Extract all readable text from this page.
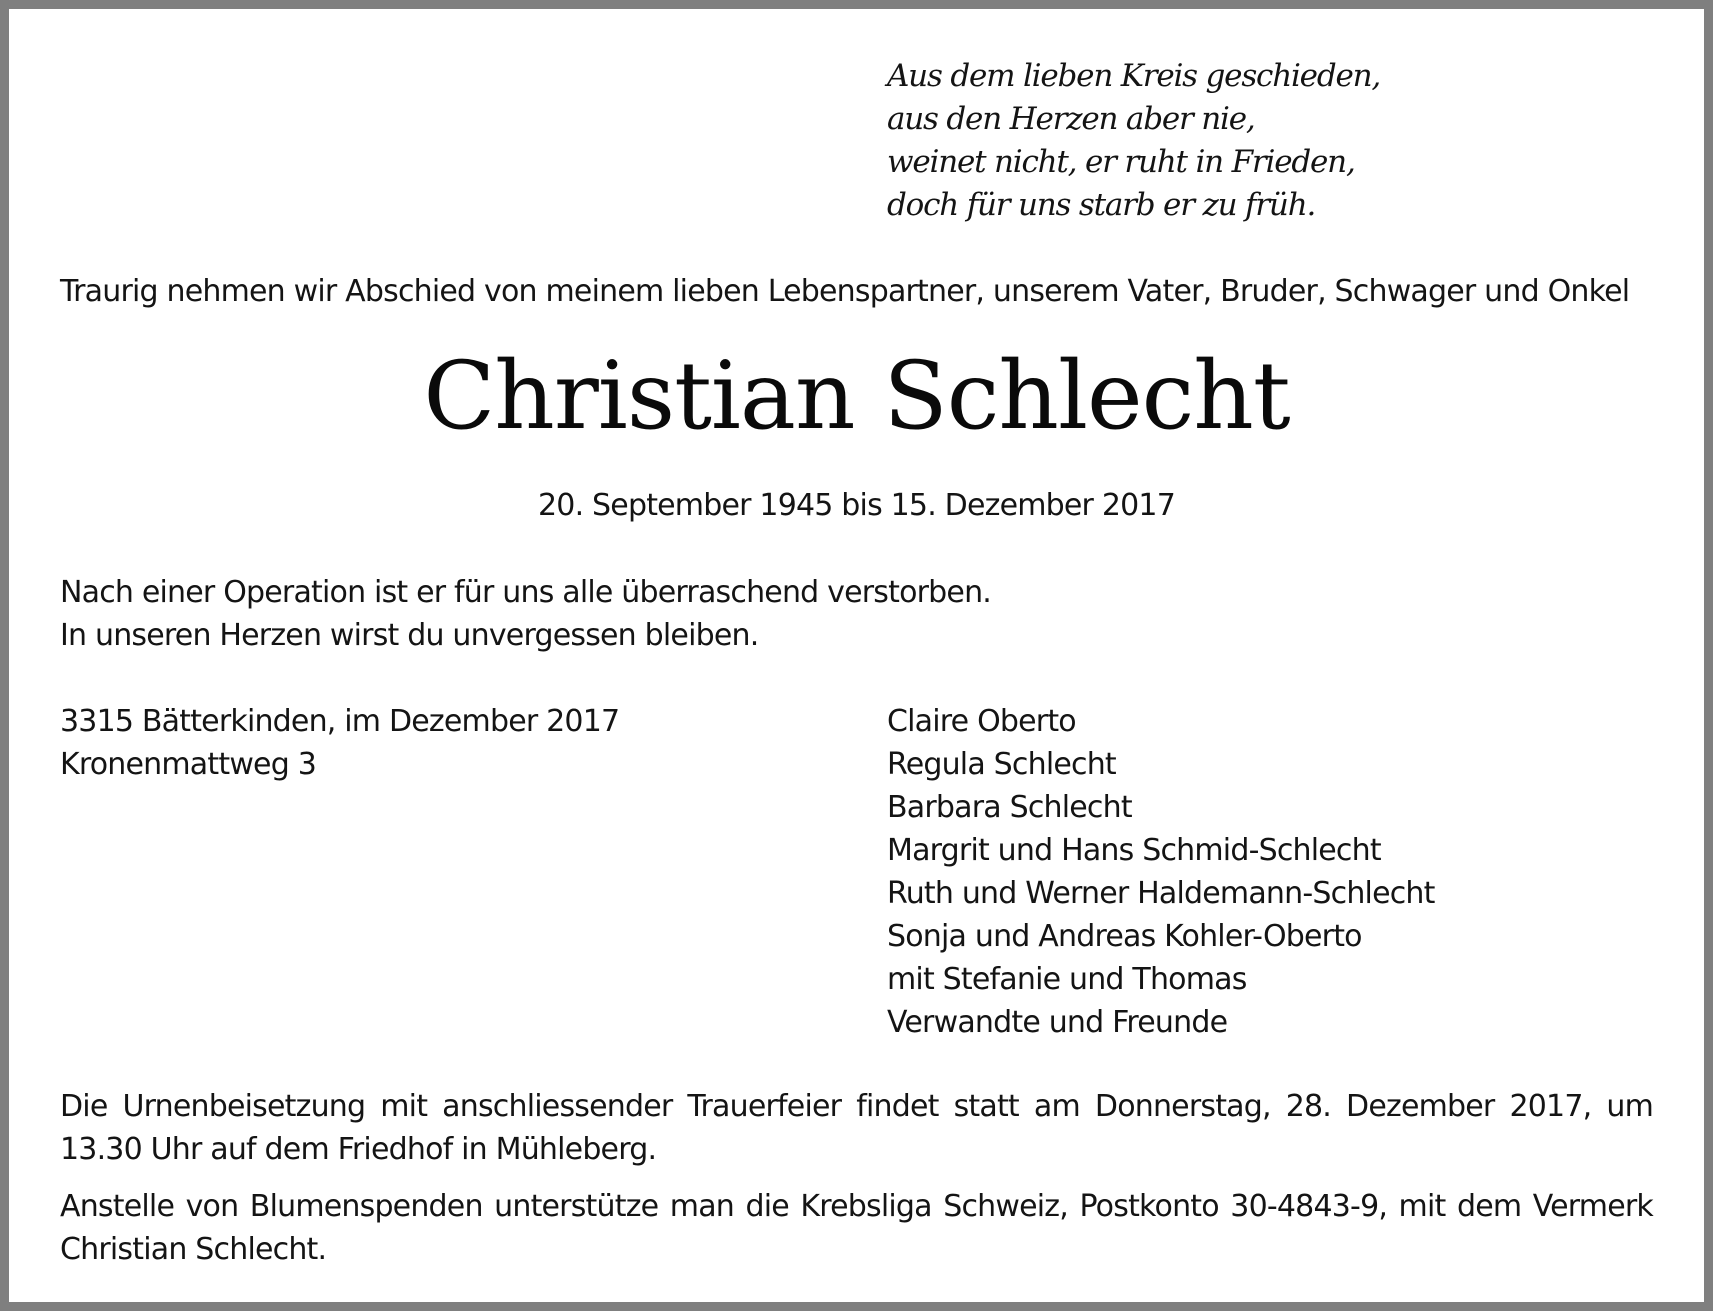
Aus dem lieben Kreis geschieden,
aus den Herzen aber nie,
weinet nicht, er ruht in Frieden,
doch für uns starb er zu früh.
Traurig nehmen wir Abschied von meinem lieben Lebenspartner, unserem Vater, Bruder, Schwager und Onkel
Christian Schlecht
20. September 1945 bis 15. Dezember 2017
Nach einer Operation ist er für uns alle überraschend verstorben.
In unseren Herzen wirst du unvergessen bleiben.
3315 Bätterkinden, im Dezember 2017
Kronenmattweg 3
Claire Oberto
Regula Schlecht
Barbara Schlecht
Margrit und Hans Schmid-Schlecht
Ruth und Werner Haldemann-Schlecht
Sonja und Andreas Kohler-Oberto
mit Stefanie und Thomas
Verwandte und Freunde
Die Urnenbeisetzung mit anschliessender Trauerfeier findet statt am Donnerstag, 28. Dezember 2017, um 13.30 Uhr auf dem Friedhof in Mühleberg.
Anstelle von Blumenspenden unterstütze man die Krebsliga Schweiz, Postkonto 30-4843-9, mit dem Vermerk Christian Schlecht.
